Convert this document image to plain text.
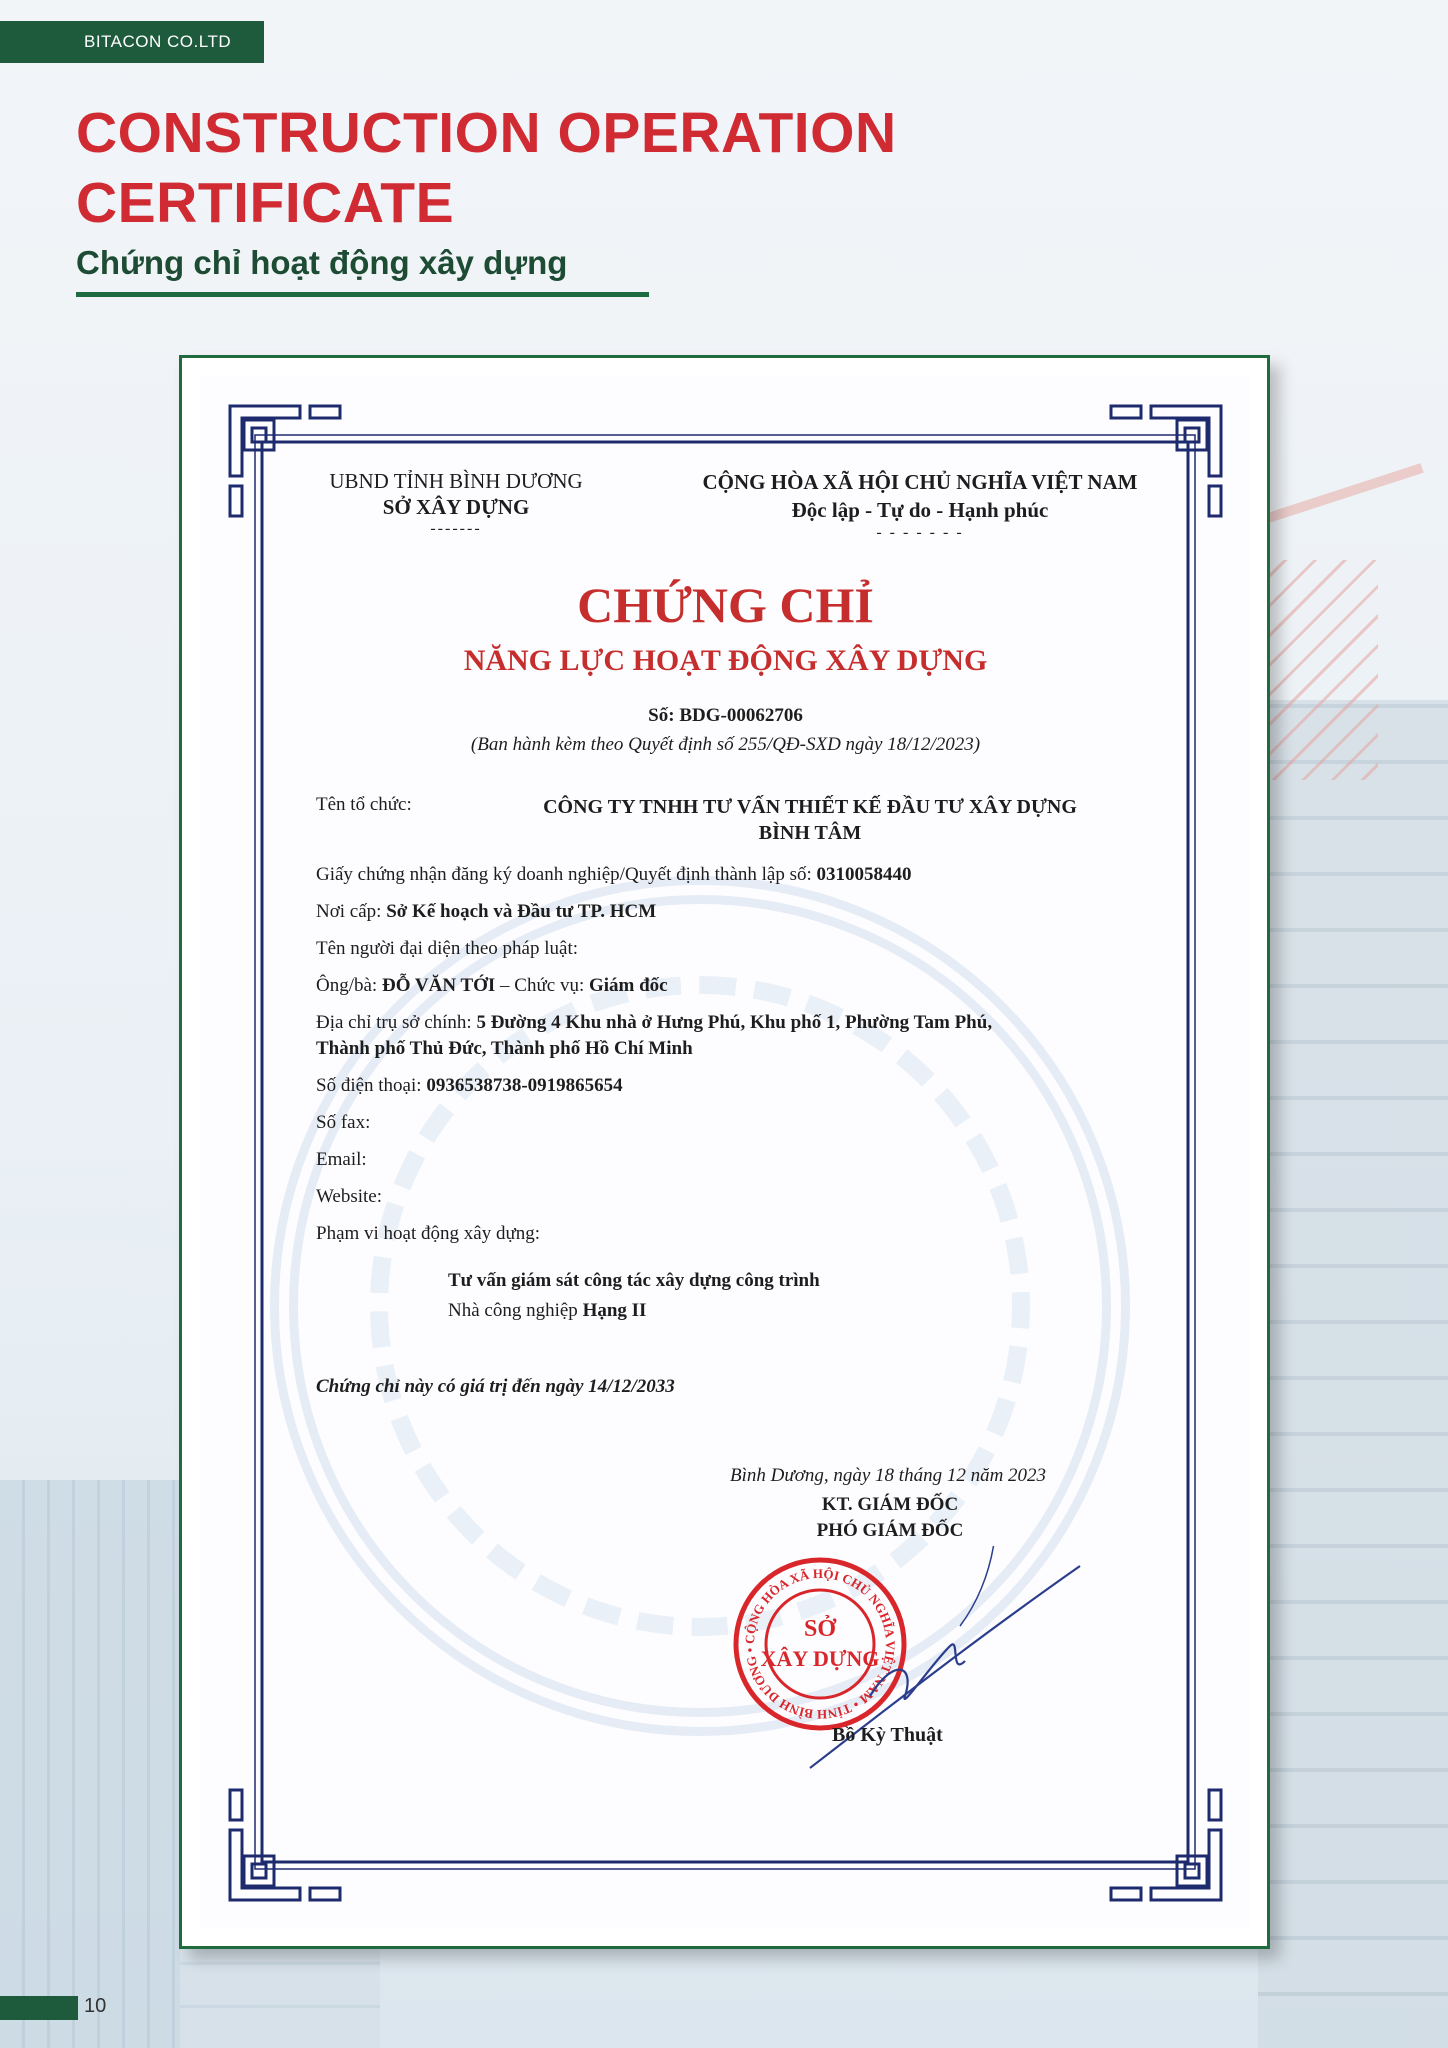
BITACON CO.LTD
CONSTRUCTION OPERATION CERTIFICATE
Chứng chỉ hoạt động xây dựng
UBND TỈNH BÌNH DƯƠNG
SỞ XÂY DỰNG
-------
CỘNG HÒA XÃ HỘI CHỦ NGHĨA VIỆT NAM
Độc lập - Tự do - Hạnh phúc
- - - - - - -
CHỨNG CHỈ
NĂNG LỰC HOẠT ĐỘNG XÂY DỰNG
Số: BDG-00062706
(Ban hành kèm theo Quyết định số 255/QĐ-SXD ngày 18/12/2023)
Tên tổ chức:	CÔNG TY TNHH TƯ VẤN THIẾT KẾ ĐẦU TƯ XÂY DỰNG
BÌNH TÂM
Giấy chứng nhận đăng ký doanh nghiệp/Quyết định thành lập số: 0310058440
Nơi cấp: Sở Kế hoạch và Đầu tư TP. HCM
Tên người đại diện theo pháp luật:
Ông/bà: ĐỖ VĂN TỚI – Chức vụ: Giám đốc
Địa chỉ trụ sở chính: 5 Đường 4 Khu nhà ở Hưng Phú, Khu phố 1, Phường Tam Phú,
Thành phố Thủ Đức, Thành phố Hồ Chí Minh
Số điện thoại: 0936538738-0919865654
Số fax:
Email:
Website:
Phạm vi hoạt động xây dựng:
Tư vấn giám sát công tác xây dựng công trình
Nhà công nghiệp Hạng II
Chứng chỉ này có giá trị đến ngày 14/12/2033
Bình Dương, ngày 18 tháng 12 năm 2023
KT. GIÁM ĐỐC
PHÓ GIÁM ĐỐC
CỘNG HÒA XÃ HỘI CHỦ NGHĨA VIỆT NAM • TỈNH BÌNH DƯƠNG •
SỞ
XÂY DỰNG
Bồ Kỳ Thuật
10
